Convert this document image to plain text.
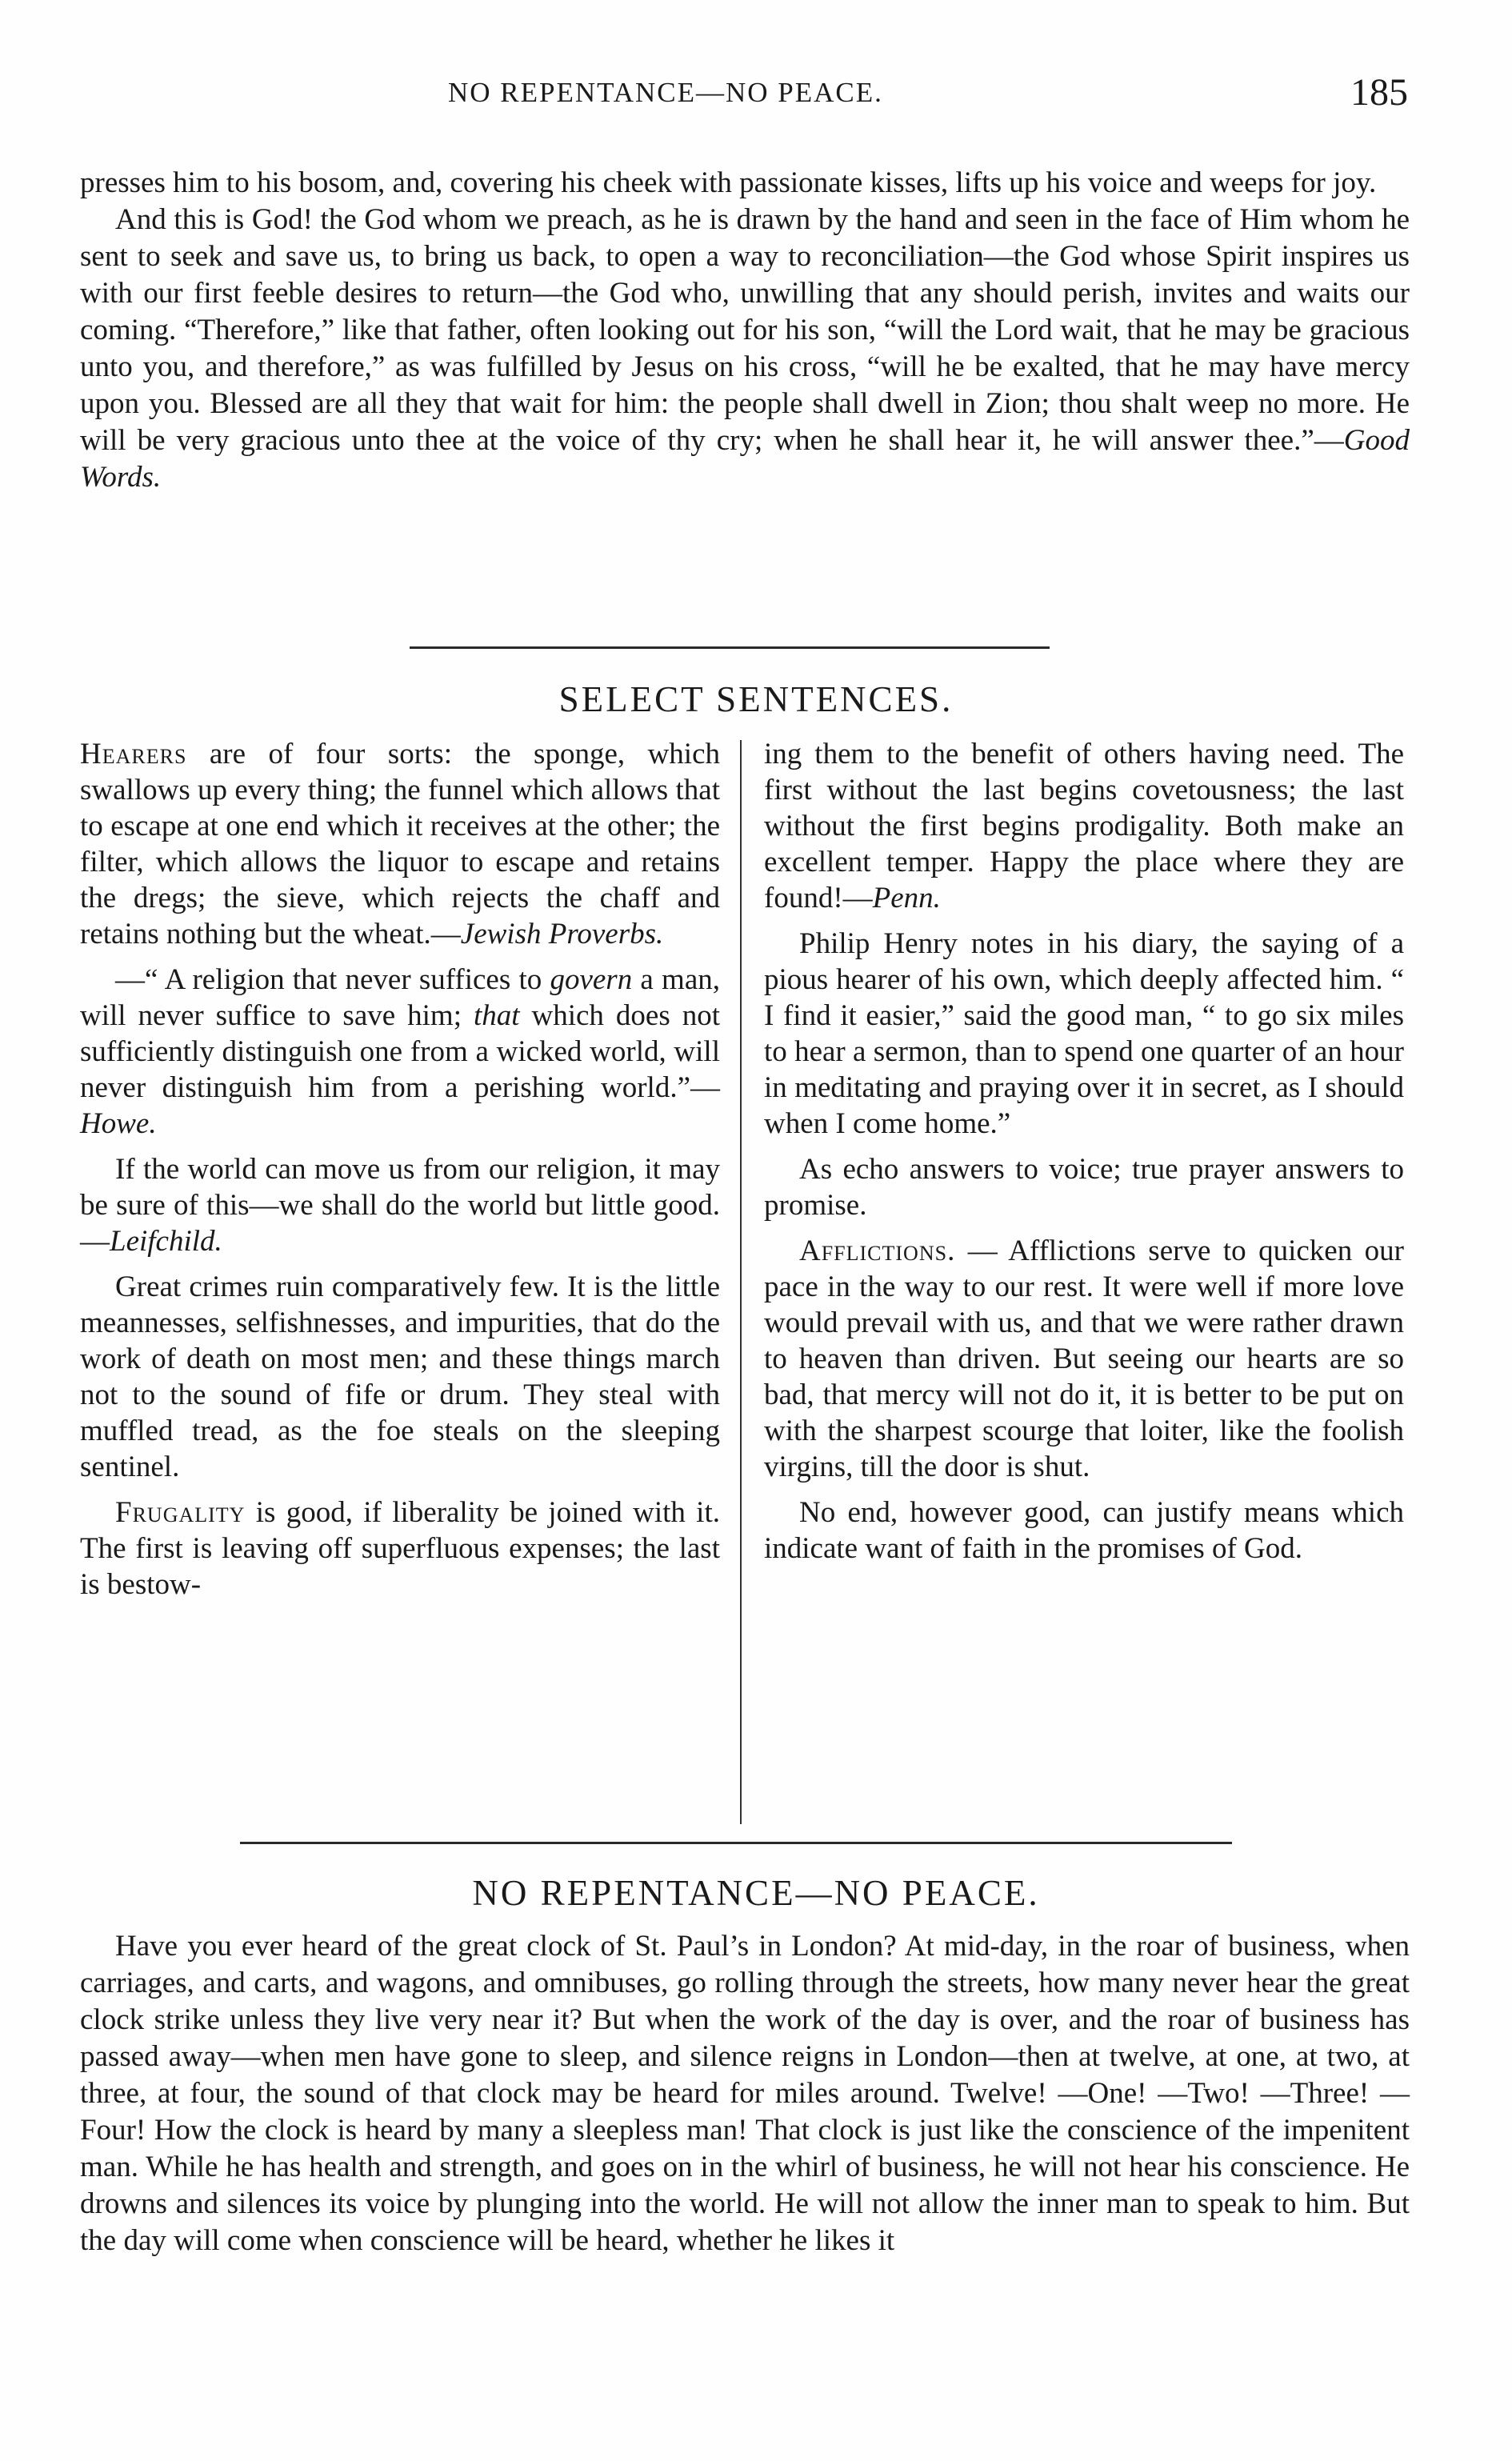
NO REPENTANCE—NO PEACE.	185

presses him to his bosom, and, covering his cheek with passionate kisses, lifts up his voice and weeps for joy.

And this is God! the God whom we preach, as he is drawn by the hand and seen in the face of Him whom he sent to seek and save us, to bring us back, to open a way to reconciliation—the God whose Spirit inspires us with our first feeble desires to return—the God who, unwilling that any should perish, invites and waits our coming. “Therefore,” like that father, often looking out for his son, “will the Lord wait, that he may be gracious unto you, and therefore,” as was fulfilled by Jesus on his cross, “will he be exalted, that he may have mercy upon you. Blessed are all they that wait for him: the people shall dwell in Zion; thou shalt weep no more. He will be very gracious unto thee at the voice of thy cry; when he shall hear it, he will answer thee.”—Good Words.

SELECT SENTENCES.

Hearers are of four sorts: the sponge, which swallows up every thing; the funnel which allows that to escape at one end which it receives at the other; the filter, which allows the liquor to escape and retains the dregs; the sieve, which rejects the chaff and retains nothing but the wheat.—Jewish Proverbs.

—“ A religion that never suffices to govern a man, will never suffice to save him; that which does not sufficiently distinguish one from a wicked world, will never distinguish him from a perishing world.”—Howe.

If the world can move us from our religion, it may be sure of this—we shall do the world but little good.—Leifchild.

Great crimes ruin comparatively few. It is the little meannesses, selfishnesses, and impurities, that do the work of death on most men; and these things march not to the sound of fife or drum. They steal with muffled tread, as the foe steals on the sleeping sentinel.

Frugality is good, if liberality be joined with it. The first is leaving off superfluous expenses; the last is bestow-

ing them to the benefit of others having need. The first without the last begins covetousness; the last without the first begins prodigality. Both make an excellent temper. Happy the place where they are found!—Penn.

Philip Henry notes in his diary, the saying of a pious hearer of his own, which deeply affected him. “ I find it easier,” said the good man, “ to go six miles to hear a sermon, than to spend one quarter of an hour in meditating and praying over it in secret, as I should when I come home.”

As echo answers to voice; true prayer answers to promise.

Afflictions. — Afflictions serve to quicken our pace in the way to our rest. It were well if more love would prevail with us, and that we were rather drawn to heaven than driven. But seeing our hearts are so bad, that mercy will not do it, it is better to be put on with the sharpest scourge that loiter, like the foolish virgins, till the door is shut.

No end, however good, can justify means which indicate want of faith in the promises of God.

NO REPENTANCE—NO PEACE.

Have you ever heard of the great clock of St. Paul’s in London? At mid-day, in the roar of business, when carriages, and carts, and wagons, and omnibuses, go rolling through the streets, how many never hear the great clock strike unless they live very near it? But when the work of the day is over, and the roar of business has passed away—when men have gone to sleep, and silence reigns in London—then at twelve, at one, at two, at three, at four, the sound of that clock may be heard for miles around. Twelve! —One! —Two! —Three! — Four! How the clock is heard by many a sleepless man! That clock is just like the conscience of the impenitent man. While he has health and strength, and goes on in the whirl of business, he will not hear his conscience. He drowns and silences its voice by plunging into the world. He will not allow the inner man to speak to him. But the day will come when conscience will be heard, whether he likes it
